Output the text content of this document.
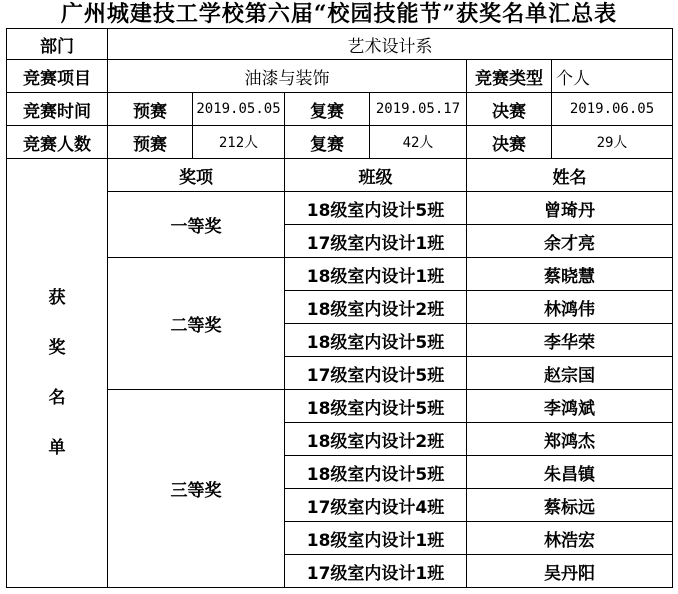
广州城建技工学校第六届“校园技能节”获奖名单汇总表
部门	艺术设计系					
竞赛项目	油漆与装饰				竞赛类型	个人
竞赛时间	预赛	2019.05.05	复赛	2019.05.17	决赛	2019.06.05
竞赛人数	预赛	212人	复赛	42人	决赛	29人

获
奖
名
单	奖项		班级		姓名	
	一等奖		18级室内设计5班		曾琦丹	
			17级室内设计1班		余才亮	
	二等奖		18级室内设计1班		蔡晓慧	
			18级室内设计2班		林鸿伟	
			18级室内设计5班		李华荣	
			17级室内设计5班		赵宗国	
	三等奖		18级室内设计5班		李鸿斌	
			18级室内设计2班		郑鸿杰	
			18级室内设计5班		朱昌镇	
			17级室内设计4班		蔡标远	
			18级室内设计1班		林浩宏	
			17级室内设计1班		吴丹阳	
